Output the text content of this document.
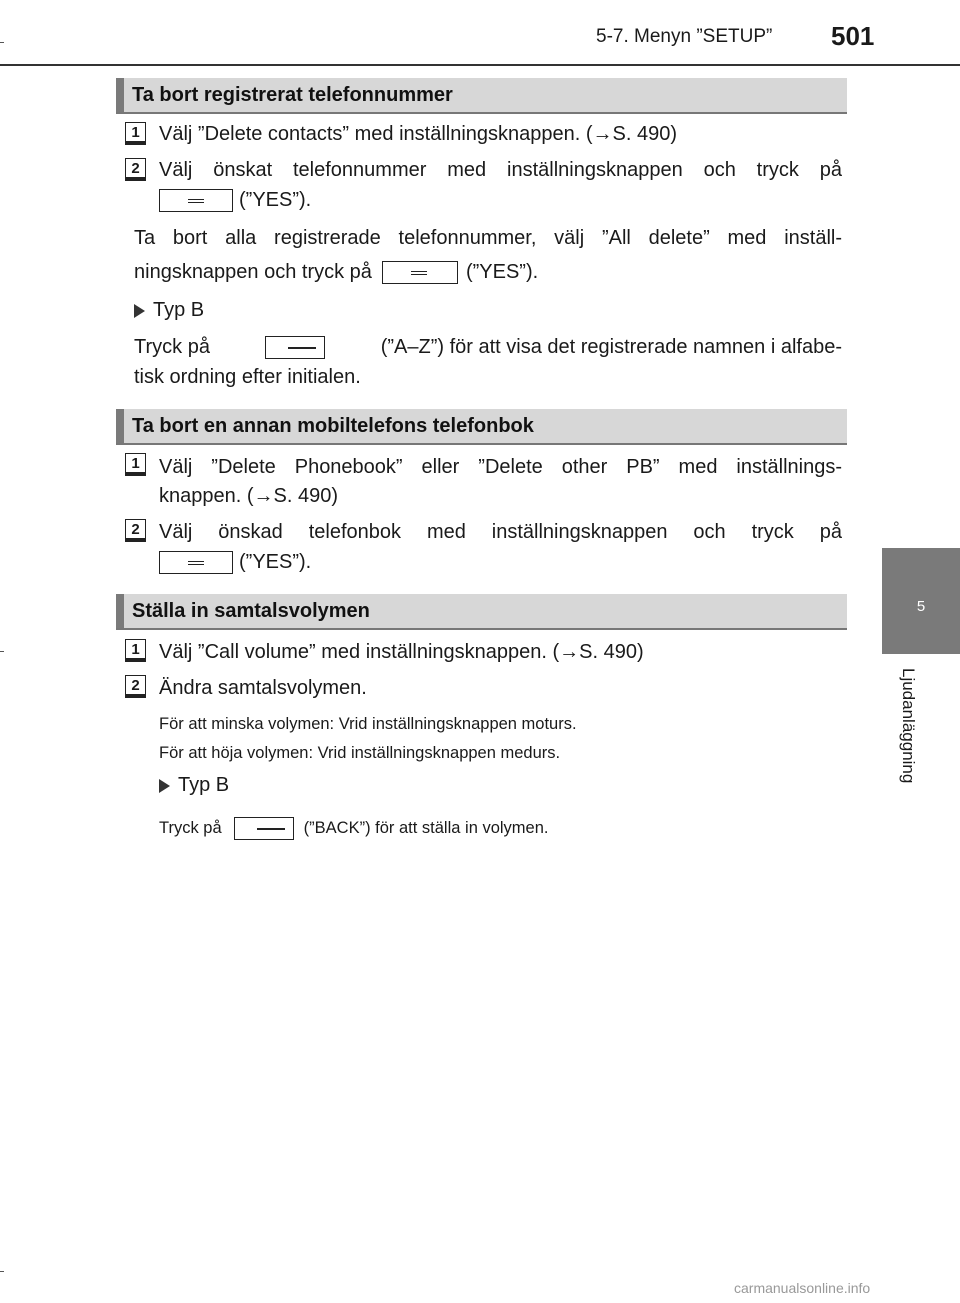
5-7. Menyn ”SETUP” 501
5
Ljudanläggning
Ta bort registrerat telefonnummer
1 Välj ”Delete contacts” med inställningsknappen. (→S. 490)
2 Välj önskat telefonnummer med inställningsknappen och tryck på
(”YES”).
Ta bort alla registrerade telefonnummer, välj ”All delete” med inställ-
ningsknappen och tryck på	(”YES”).
Typ B
Tryck på	(”A–Z”) för att visa det registrerade namnen i alfabe-
tisk ordning efter initialen.
Ta bort en annan mobiltelefons telefonbok
1 Välj ”Delete Phonebook” eller ”Delete other PB” med inställnings-
knappen. (→S. 490)
2 Välj önskad telefonbok med inställningsknappen och tryck på
(”YES”).
Ställa in samtalsvolymen
1 Välj ”Call volume” med inställningsknappen. (→S. 490)
2 Ändra samtalsvolymen.
För att minska volymen: Vrid inställningsknappen moturs.
För att höja volymen: Vrid inställningsknappen medurs.
Typ B
Tryck på	(”BACK”) för att ställa in volymen.
carmanualsonline.info
